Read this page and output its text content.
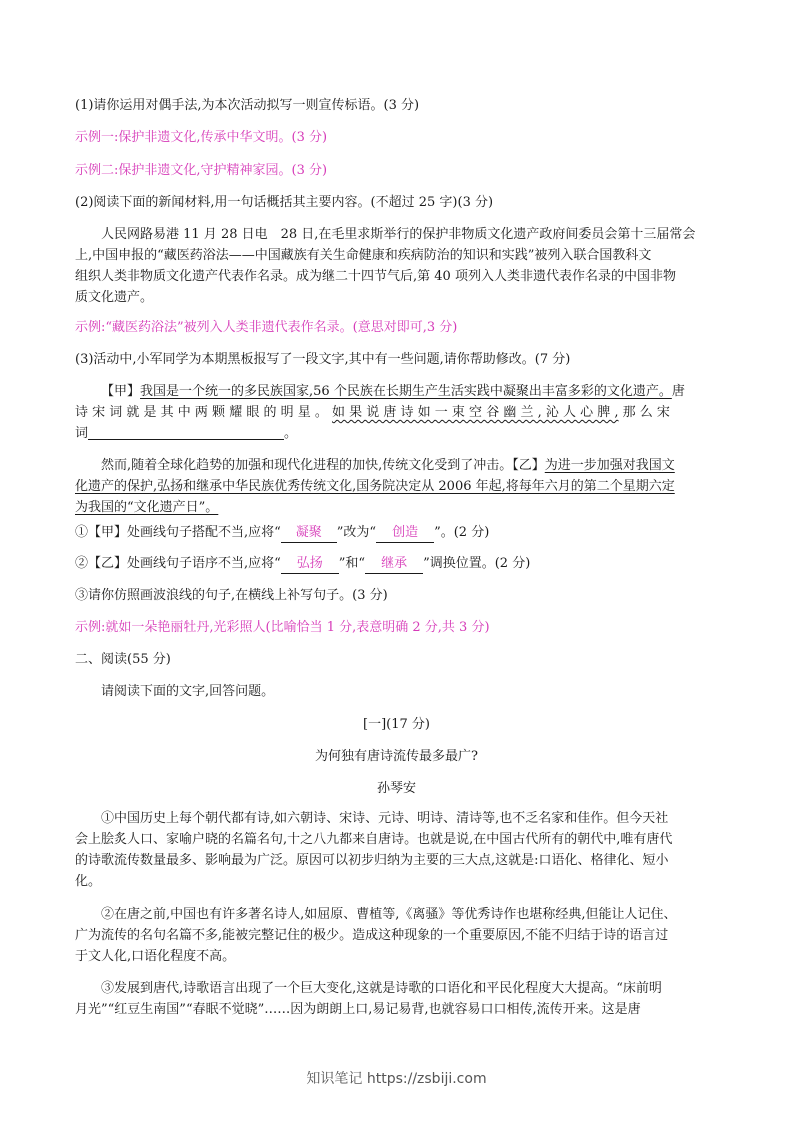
(1)请你运用对偶手法,为本次活动拟写一则宣传标语。(3 分)
示例一:保护非遗文化,传承中华文明。(3 分)
示例二:保护非遗文化,守护精神家园。(3 分)
(2)阅读下面的新闻材料,用一句话概括其主要内容。(不超过 25 字)(3 分)
人民网路易港 11 月 28 日电　28 日,在毛里求斯举行的保护非物质文化遗产政府间委员会第十三届常会
上,中国申报的“藏医药浴法——中国藏族有关生命健康和疾病防治的知识和实践”被列入联合国教科文
组织人类非物质文化遗产代表作名录。成为继二十四节气后,第 40 项列入人类非遗代表作名录的中国非物
质文化遗产。
示例:“藏医药浴法”被列入人类非遗代表作名录。(意思对即可,3 分)
(3)活动中,小军同学为本期黑板报写了一段文字,其中有一些问题,请你帮助修改。(7 分)
【甲】我国是一个统一的多民族国家,56 个民族在长期生产生活实践中凝聚出丰富多彩的文化遗产。唐
诗 宋 词 就 是 其 中 两 颗 耀 眼 的 明 星 。 如 果 说 唐 诗 如 一 束 空 谷 幽 兰 , 沁 人 心 脾 , 那 么 宋
词	。
然而,随着全球化趋势的加强和现代化进程的加快,传统文化受到了冲击。【乙】为进一步加强对我国文
化遗产的保护,弘扬和继承中华民族优秀传统文化,国务院决定从 2006 年起,将每年六月的第二个星期六定
为我国的“文化遗产日”。
①【甲】处画线句子搭配不当,应将“ 凝聚 ”改为“ 创造 ”。(2 分)
②【乙】处画线句子语序不当,应将“ 弘扬 ”和“ 继承 ”调换位置。(2 分)
③请你仿照画波浪线的句子,在横线上补写句子。(3 分)
示例:就如一朵艳丽牡丹,光彩照人(比喻恰当 1 分,表意明确 2 分,共 3 分)
二、阅读(55 分)
请阅读下面的文字,回答问题。
[一](17 分)
为何独有唐诗流传最多最广?
孙琴安
①中国历史上每个朝代都有诗,如六朝诗、宋诗、元诗、明诗、清诗等,也不乏名家和佳作。但今天社
会上脍炙人口、家喻户晓的名篇名句,十之八九都来自唐诗。也就是说,在中国古代所有的朝代中,唯有唐代
的诗歌流传数量最多、影响最为广泛。原因可以初步归纳为主要的三大点,这就是:口语化、格律化、短小
化。
②在唐之前,中国也有许多著名诗人,如屈原、曹植等,《离骚》等优秀诗作也堪称经典,但能让人记住、
广为流传的名句名篇不多,能被完整记住的极少。造成这种现象的一个重要原因,不能不归结于诗的语言过
于文人化,口语化程度不高。
③发展到唐代,诗歌语言出现了一个巨大变化,这就是诗歌的口语化和平民化程度大大提高。“床前明
月光”“红豆生南国”“春眠不觉晓”……因为朗朗上口,易记易背,也就容易口口相传,流传开来。这是唐
知识笔记 https://zsbiji.com
